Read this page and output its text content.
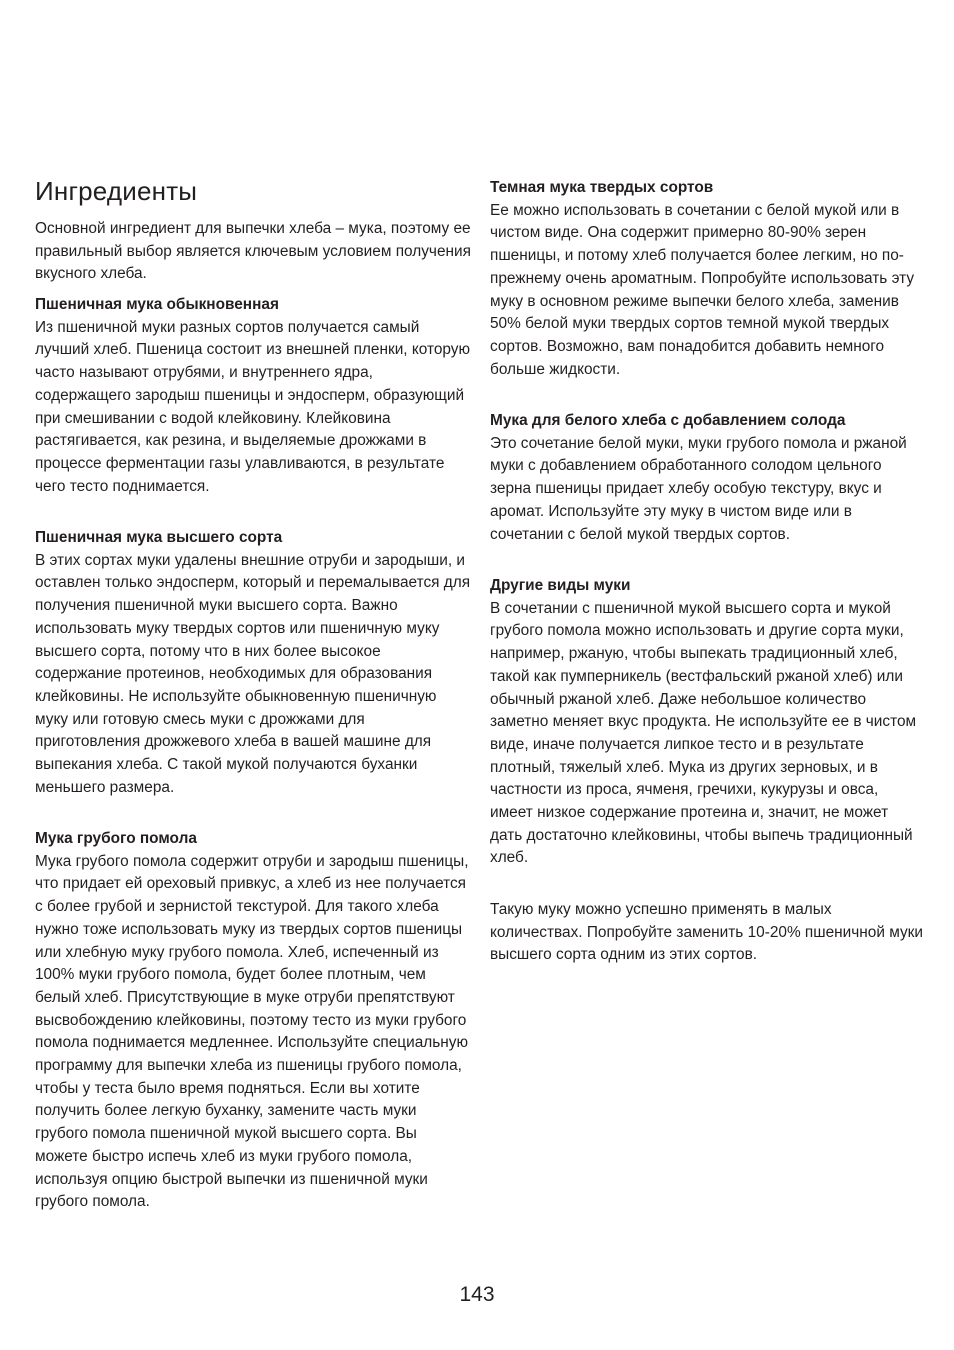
Ингредиенты

Основной ингредиент для выпечки хлеба – мука, поэтому ее правильный выбор является ключевым условием получения вкусного хлеба.

Пшеничная мука обыкновенная

Из пшеничной муки разных сортов получается самый лучший хлеб. Пшеница состоит из внешней пленки, которую часто называют отрубями, и внутреннего ядра, содержащего зародыш пшеницы и эндосперм, образующий при смешивании с водой клейковину. Клейковина растягивается, как резина, и выделяемые дрожжами в процессе ферментации газы улавливаются, в результате чего тесто поднимается.

Пшеничная мука высшего сорта

В этих сортах муки удалены внешние отруби и зародыши, и оставлен только эндосперм, который и перемалывается для получения пшеничной муки высшего сорта. Важно использовать муку твердых сортов или пшеничную муку высшего сорта, потому что в них более высокое содержание протеинов, необходимых для образования клейковины. Не используйте обыкновенную пшеничную муку или готовую смесь муки с дрожжами для приготовления дрожжевого хлеба в вашей машине для выпекания хлеба. С такой мукой получаются буханки меньшего размера.

Мука грубого помола

Мука грубого помола содержит отруби и зародыш пшеницы, что придает ей ореховый привкус, а хлеб из нее получается с более грубой и зернистой текстурой. Для такого хлеба нужно тоже использовать муку из твердых сортов пшеницы или хлебную муку грубого помола. Хлеб, испеченный из 100% муки грубого помола, будет более плотным, чем белый хлеб. Присутствующие в муке отруби препятствуют высвобождению клейковины, поэтому тесто из муки грубого помола поднимается медленнее. Используйте специальную программу для выпечки хлеба из пшеницы грубого помола, чтобы у теста было время подняться. Если вы хотите получить более легкую буханку, замените часть муки грубого помола пшеничной мукой высшего сорта. Вы можете быстро испечь хлеб из муки грубого помола, используя опцию быстрой выпечки из пшеничной муки грубого помола.

Темная мука твердых сортов

Ее можно использовать в сочетании с белой мукой или в чистом виде. Она содержит примерно 80-90% зерен пшеницы, и потому хлеб получается более легким, но по-прежнему очень ароматным. Попробуйте использовать эту муку в основном режиме выпечки белого хлеба, заменив 50% белой муки твердых сортов темной мукой твердых сортов. Возможно, вам понадобится добавить немного больше жидкости.

Мука для белого хлеба с добавлением солода

Это сочетание белой муки, муки грубого помола и ржаной муки с добавлением обработанного солодом цельного зерна пшеницы придает хлебу особую текстуру, вкус и аромат. Используйте эту муку в чистом виде или в сочетании с белой мукой твердых сортов.

Другие виды муки

В сочетании с пшеничной мукой высшего сорта и мукой грубого помола можно использовать и другие сорта муки, например, ржаную, чтобы выпекать традиционный хлеб, такой как пумперникель (вестфальский ржаной хлеб) или обычный ржаной хлеб. Даже небольшое количество заметно меняет вкус продукта. Не используйте ее в чистом виде, иначе получается липкое тесто и в результате плотный, тяжелый хлеб. Мука из других зерновых, и в частности из проса, ячменя, гречихи, кукурузы и овса, имеет низкое содержание протеина и, значит, не может дать достаточно клейковины, чтобы выпечь традиционный хлеб.

Такую муку можно успешно применять в малых количествах. Попробуйте заменить 10-20% пшеничной муки высшего сорта одним из этих сортов.

143
